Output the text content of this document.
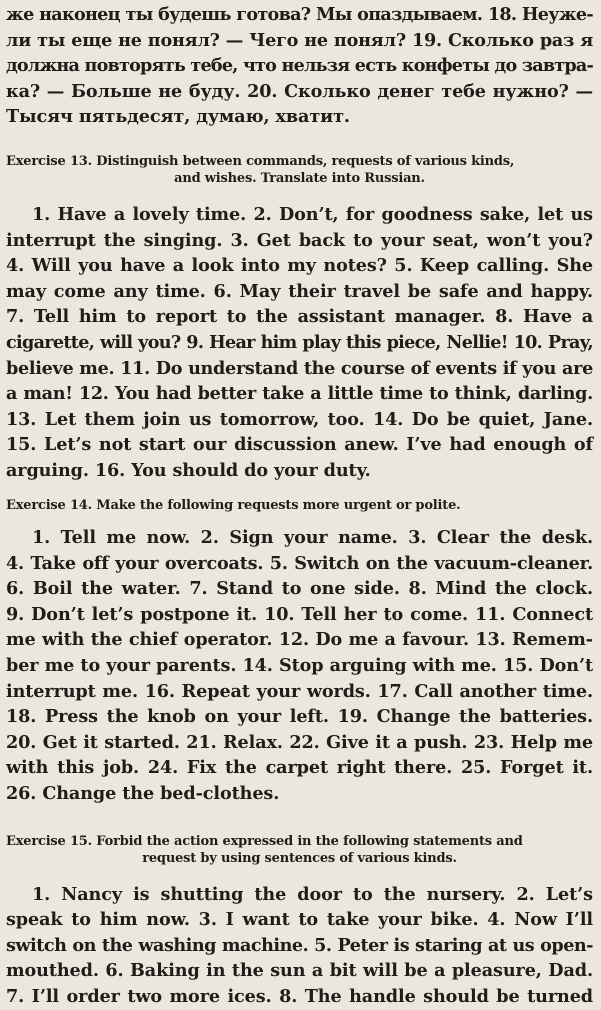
же наконец ты будешь готова? Мы опаздываем. 18. Неуже-
ли ты еще не понял? — Чего не понял? 19. Сколько раз я
должна повторять тебе, что нельзя есть конфеты до завтра-
ка? — Больше не буду. 20. Сколько денег тебе нужно? —
Тысяч пятьдесят, думаю, хватит.
Exercise 13. Distinguish between commands, requests of various kinds,
and wishes. Translate into Russian.
1. Have a lovely time. 2. Don’t, for goodness sake, let us
interrupt the singing. 3. Get back to your seat, won’t you?
4. Will you have a look into my notes? 5. Keep calling. She
may come any time. 6. May their travel be safe and happy.
7. Tell him to report to the assistant manager. 8. Have a
cigarette, will you? 9. Hear him play this piece, Nellie! 10. Pray,
believe me. 11. Do understand the course of events if you are
a man! 12. You had better take a little time to think, darling.
13. Let them join us tomorrow, too. 14. Do be quiet, Jane.
15. Let’s not start our discussion anew. I’ve had enough of
arguing. 16. You should do your duty.
Exercise 14. Make the following requests more urgent or polite.
1. Tell me now. 2. Sign your name. 3. Clear the desk.
4. Take off your overcoats. 5. Switch on the vacuum-cleaner.
6. Boil the water. 7. Stand to one side. 8. Mind the clock.
9. Don’t let’s postpone it. 10. Tell her to come. 11. Connect
me with the chief operator. 12. Do me a favour. 13. Remem-
ber me to your parents. 14. Stop arguing with me. 15. Don’t
interrupt me. 16. Repeat your words. 17. Call another time.
18. Press the knob on your left. 19. Change the batteries.
20. Get it started. 21. Relax. 22. Give it a push. 23. Help me
with this job. 24. Fix the carpet right there. 25. Forget it.
26. Change the bed-clothes.
Exercise 15. Forbid the action expressed in the following statements and
request by using sentences of various kinds.
1. Nancy is shutting the door to the nursery. 2. Let’s
speak to him now. 3. I want to take your bike. 4. Now I’ll
switch on the washing machine. 5. Peter is staring at us open-
mouthed. 6. Baking in the sun a bit will be a pleasure, Dad.
7. I’ll order two more ices. 8. The handle should be turned
